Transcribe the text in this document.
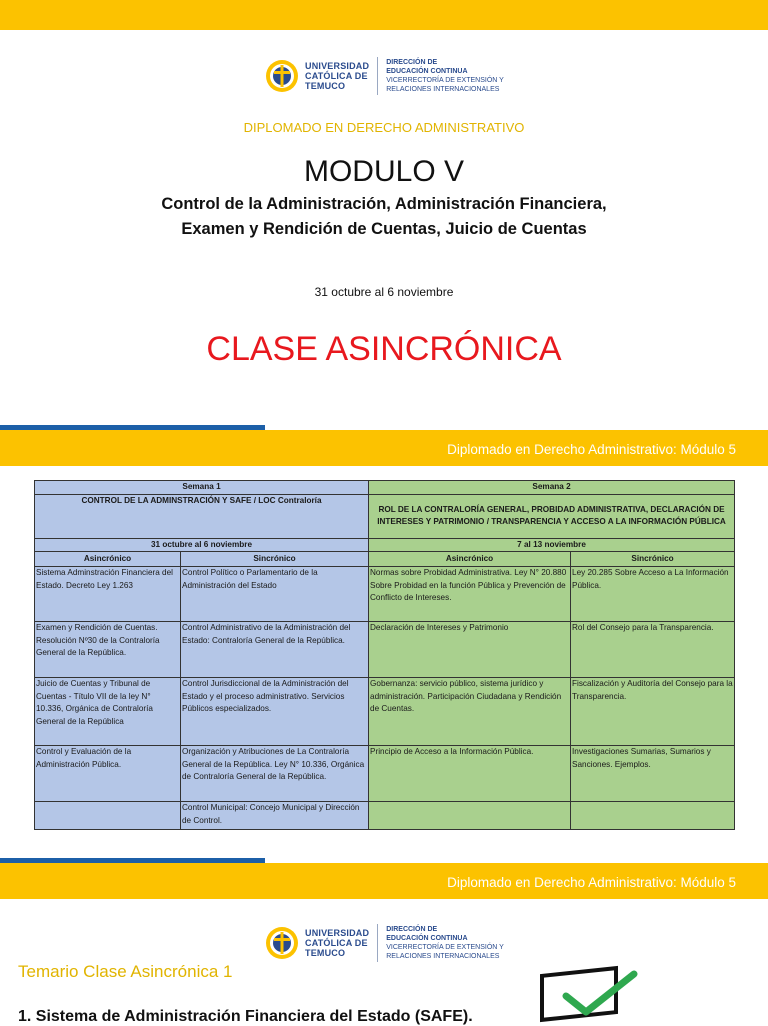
UNIVERSIDAD
CATÓLICA DE
TEMUCO
DIRECCIÓN DE
EDUCACIÓN CONTINUA
VICERRECTORÍA DE EXTENSIÓN Y
RELACIONES INTERNACIONALES
DIPLOMADO EN DERECHO ADMINISTRATIVO
MODULO V
Control de la Administración, Administración Financiera,
Examen y Rendición de Cuentas, Juicio de Cuentas
31 octubre al 6 noviembre
CLASE ASINCRÓNICA
Diplomado en Derecho Administrativo: Módulo 5
Semana 1		Semana 2	
CONTROL DE LA ADMINSTRACIÓN Y SAFE / LOC Contraloría		ROL DE LA CONTRALORÍA GENERAL, PROBIDAD ADMINISTRATIVA, DECLARACIÓN DE INTERESES Y PATRIMONIO / TRANSPARENCIA Y ACCESO A LA INFORMACIÓN PÚBLICA	
31 octubre al 6 noviembre		7 al 13 noviembre	
Asincrónico	Sincrónico	Asincrónico	Sincrónico
Sistema Adminstración Financiera del Estado. Decreto Ley 1.263	Control Político o Parlamentario de la Administración del Estado	Normas sobre Probidad Administrativa. Ley N° 20.880 Sobre Probidad en la función Pública y Prevención de Conflicto de Intereses.	Ley 20.285 Sobre Acceso a La Información Pública.
Examen y Rendición de Cuentas. Resolución Nº30 de la Contraloría General de la República.	Control Administrativo de la Administración del Estado: Contraloría General de la República.	Declaración de Intereses y Patrimonio	Rol del Consejo para la Transparencia.
Juicio de Cuentas y Tribunal de Cuentas - Título VII de la ley N° 10.336, Orgánica de Contraloría General de la República	Control Jurisdiccional de la Administración del Estado y el proceso administrativo. Servicios Públicos especializados.	Gobernanza: servicio público, sistema jurídico y administración. Participación Ciudadana y Rendición de Cuentas.	Fiscalización y Auditoría del Consejo para la Transparencia.
Control y Evaluación de la Administración Pública.	Organización y Atribuciones de La Contraloría General de la República. Ley N° 10.336, Orgánica de Contraloría General de la República.	Principio de Acceso a la Información Pública.	Investigaciones Sumarias, Sumarios y Sanciones. Ejemplos.
	Control Municipal: Concejo Municipal y Dirección de Control.		
Diplomado en Derecho Administrativo: Módulo 5
UNIVERSIDAD
CATÓLICA DE
TEMUCO
DIRECCIÓN DE
EDUCACIÓN CONTINUA
VICERRECTORÍA DE EXTENSIÓN Y
RELACIONES INTERNACIONALES
Temario Clase Asincrónica 1
1. Sistema de Administración Financiera del Estado (SAFE).
